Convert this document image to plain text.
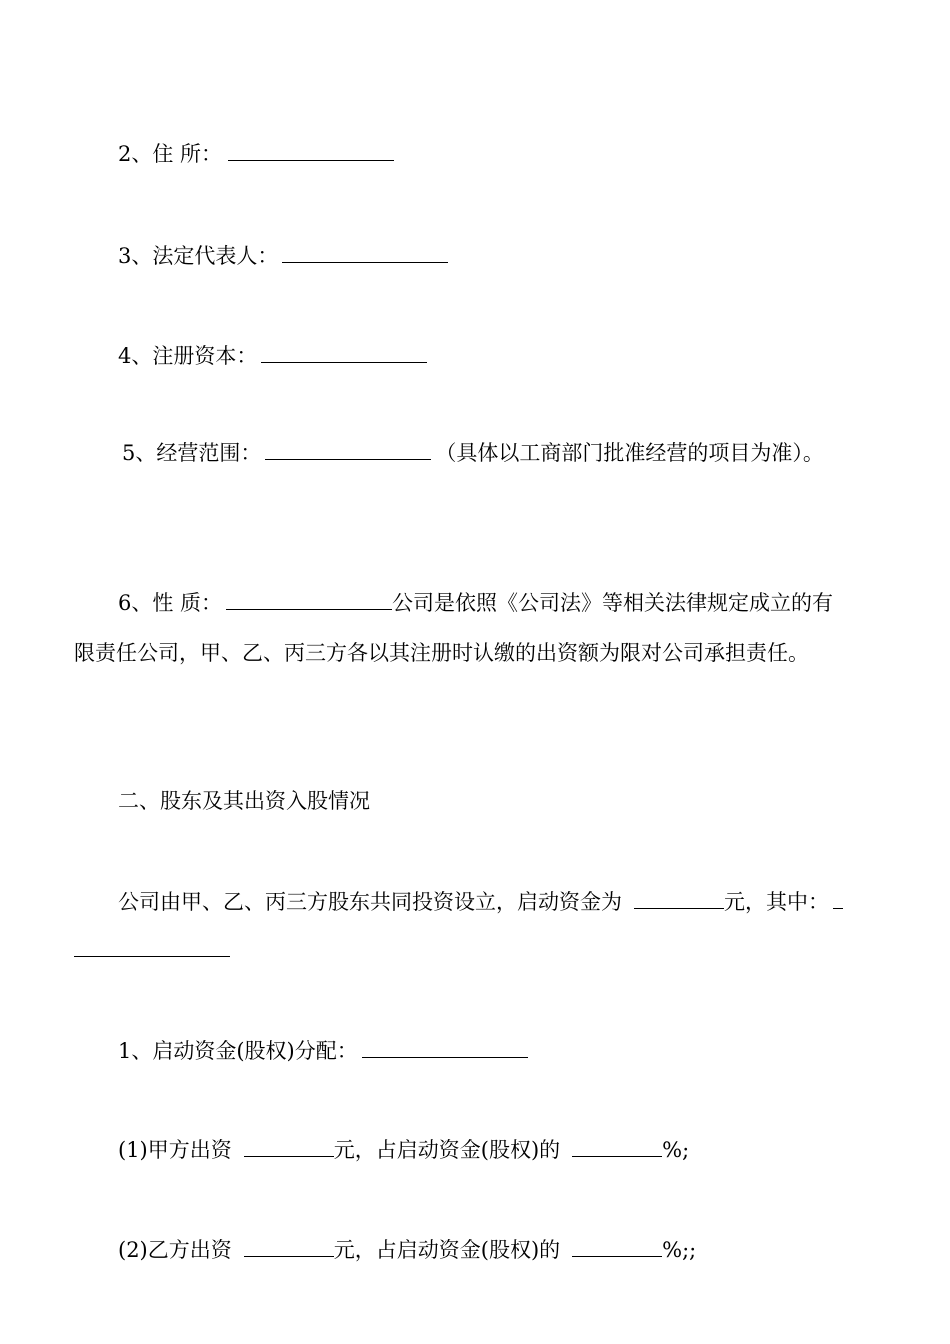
2、住 所：
3、法定代表人：
4、注册资本：
5、经营范围：	（具体以工商部门批准经营的项目为准）。
6、性 质：	公司是依照《公司法》等相关法律规定成立的有
限责任公司，甲、乙、丙三方各以其注册时认缴的出资额为限对公司承担责任。
二、股东及其出资入股情况
公司由甲、乙、丙三方股东共同投资设立，启动资金为	元，其中：
1、启动资金(股权)分配：
(1)甲方出资	元，占启动资金(股权)的	%;
(2)乙方出资	元，占启动资金(股权)的	%;;
